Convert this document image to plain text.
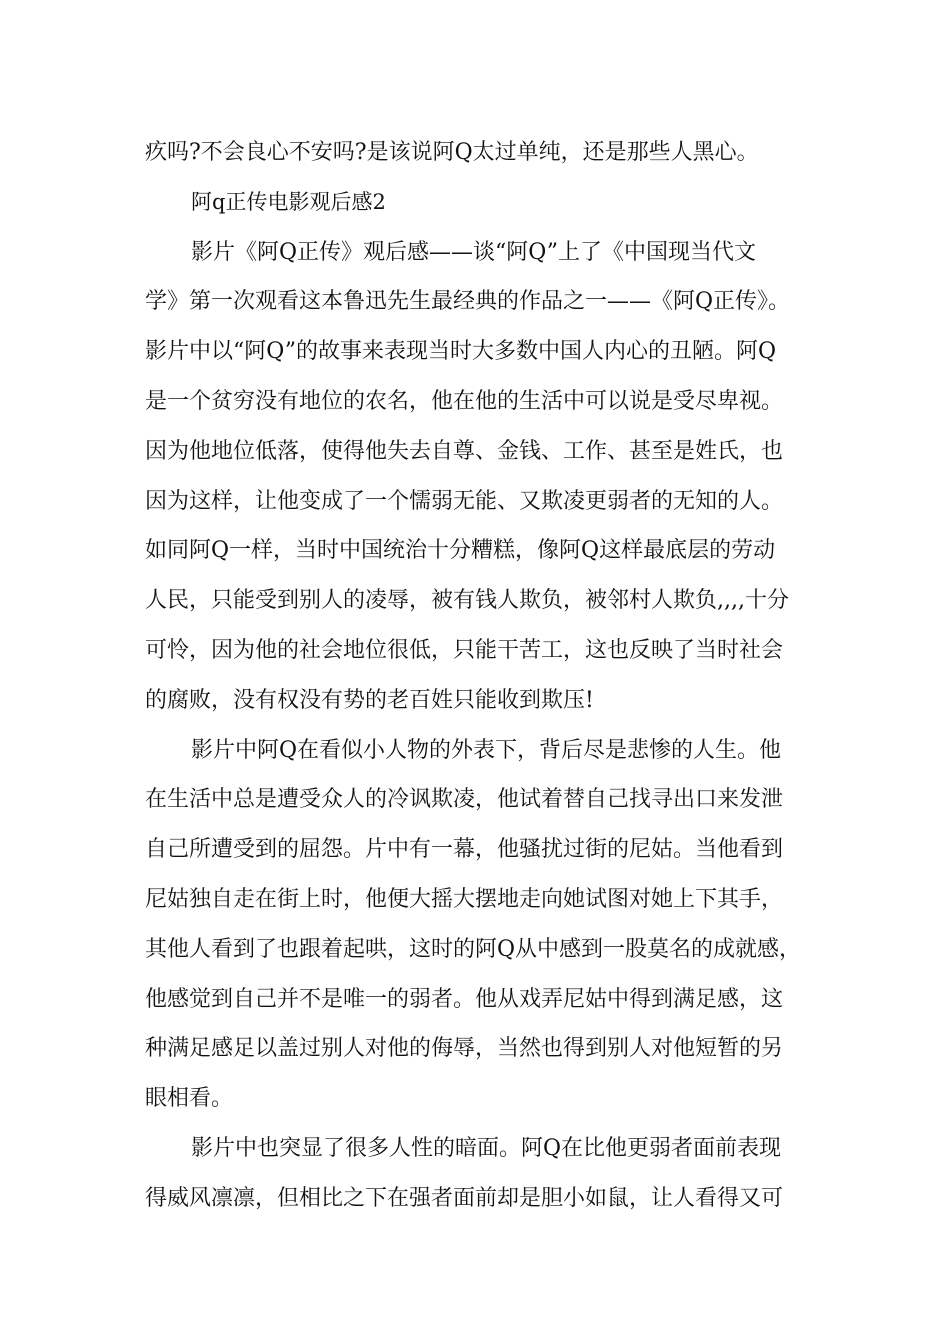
疚吗?不会良心不安吗?是该说阿Q太过单纯，还是那些人黑心。
阿q正传电影观后感2
影片《阿Q正传》观后感——谈“阿Q”上了《中国现当代文
学》第一次观看这本鲁迅先生最经典的作品之一——《阿Q正传》。
影片中以“阿Q”的故事来表现当时大多数中国人内心的丑陋。阿Q
是一个贫穷没有地位的农名，他在他的生活中可以说是受尽卑视。
因为他地位低落，使得他失去自尊、金钱、工作、甚至是姓氏，也
因为这样，让他变成了一个懦弱无能、又欺凌更弱者的无知的人。
如同阿Q一样，当时中国统治十分糟糕，像阿Q这样最底层的劳动
人民，只能受到别人的凌辱，被有钱人欺负，被邻村人欺负,,,,十分
可怜，因为他的社会地位很低，只能干苦工，这也反映了当时社会
的腐败，没有权没有势的老百姓只能收到欺压!
影片中阿Q在看似小人物的外表下，背后尽是悲惨的人生。他
在生活中总是遭受众人的冷讽欺凌，他试着替自己找寻出口来发泄
自己所遭受到的屈怨。片中有一幕，他骚扰过街的尼姑。当他看到
尼姑独自走在街上时，他便大摇大摆地走向她试图对她上下其手，
其他人看到了也跟着起哄，这时的阿Q从中感到一股莫名的成就感，
他感觉到自己并不是唯一的弱者。他从戏弄尼姑中得到满足感，这
种满足感足以盖过别人对他的侮辱，当然也得到别人对他短暂的另
眼相看。
影片中也突显了很多人性的暗面。阿Q在比他更弱者面前表现
得威风凛凛，但相比之下在强者面前却是胆小如鼠，让人看得又可
